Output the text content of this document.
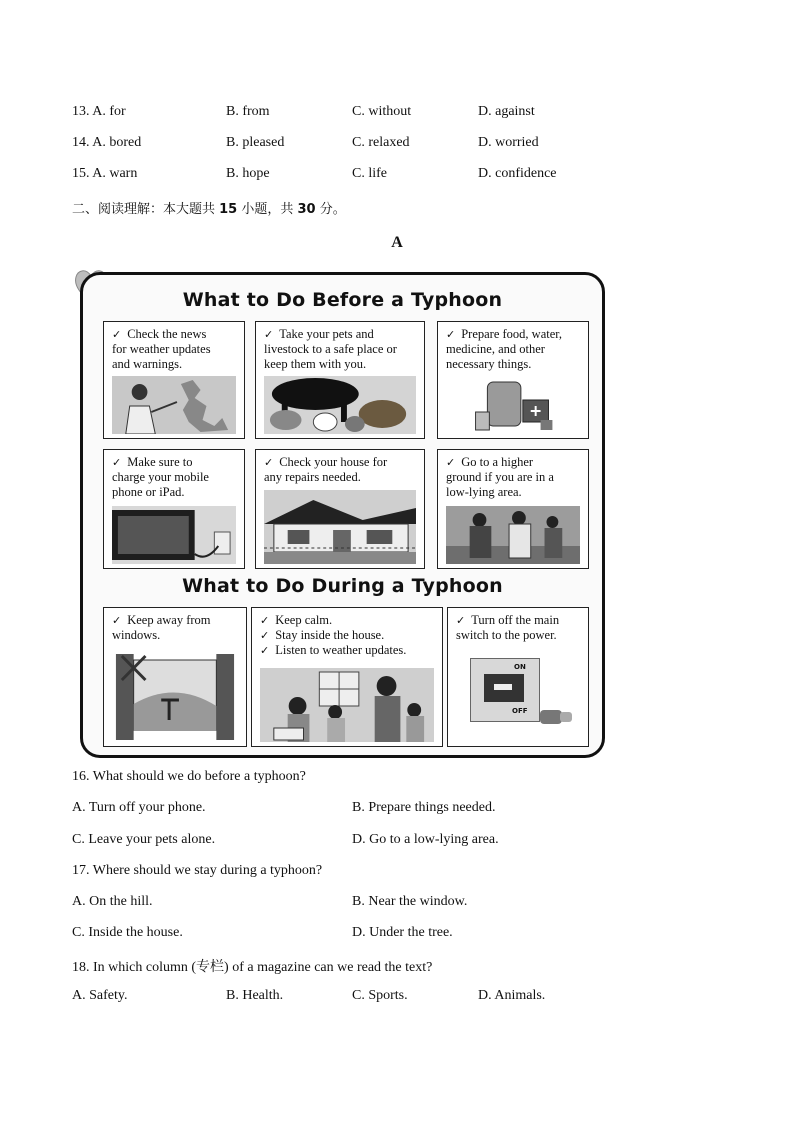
13. A. for	B. from	C. without	D. against
14. A. bored	B. pleased	C. relaxed	D. worried
15. A. warn	B. hope	C. life	D. confidence
二、阅读理解：本大题共 15 小题，共 30 分。
A
What to Do Before a Typhoon
✓ Check the news
for weather updates
and warnings.
✓ Take your pets and
livestock to a safe place or
keep them with you.
✓ Prepare food, water,
medicine, and other
necessary things.
✓ Make sure to
charge your mobile
phone or iPad.
✓ Check your house for
any repairs needed.
✓ Go to a higher
ground if you are in a
low-lying area.
What to Do During a Typhoon
✓ Keep away from
windows.
✓ Keep calm.
✓ Stay inside the house.
✓ Listen to weather updates.
✓ Turn off the main
switch to the power.
ON
OFF
16. What should we do before a typhoon?
A. Turn off your phone.	B. Prepare things needed.
C. Leave your pets alone.	D. Go to a low-lying area.
17. Where should we stay during a typhoon?
A. On the hill.	B. Near the window.
C. Inside the house.	D. Under the tree.
18. In which column (专栏) of a magazine can we read the text?
A. Safety.	B. Health.	C. Sports.	D. Animals.
